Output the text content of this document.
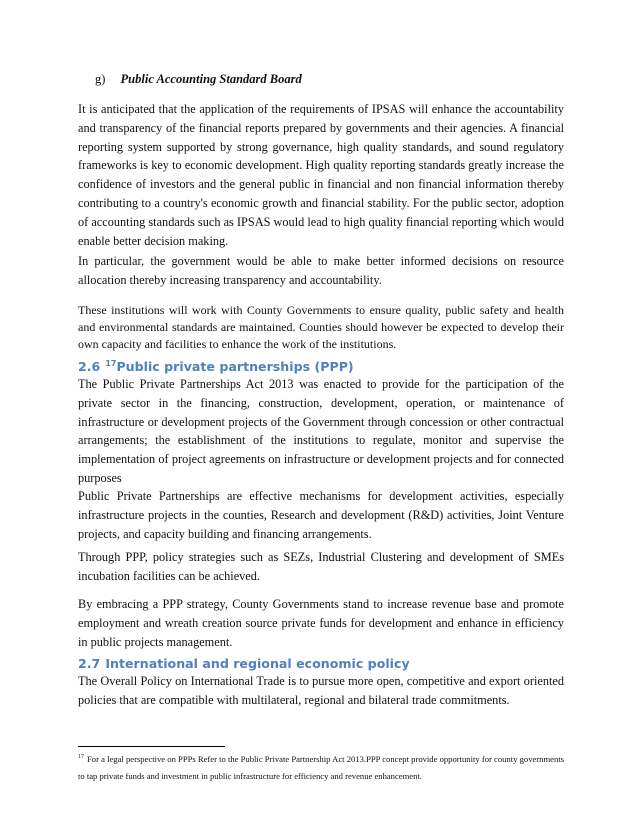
g) Public Accounting Standard Board

It is anticipated that the application of the requirements of IPSAS will enhance the accountability and transparency of the financial reports prepared by governments and their agencies. A financial reporting system supported by strong governance, high quality standards, and sound regulatory frameworks is key to economic development. High quality reporting standards greatly increase the confidence of investors and the general public in financial and non financial information thereby contributing to a country's economic growth and financial stability. For the public sector, adoption of accounting standards such as IPSAS would lead to high quality financial reporting which would enable better decision making.

In particular, the government would be able to make better informed decisions on resource allocation thereby increasing transparency and accountability.

These institutions will work with County Governments to ensure quality, public safety and health and environmental standards are maintained. Counties should however be expected to develop their own capacity and facilities to enhance the work of the institutions.

2.6 $^{17}$Public private partnerships (PPP)

The Public Private Partnerships Act 2013 was enacted to provide for the participation of the private sector in the financing, construction, development, operation, or maintenance of infrastructure or development projects of the Government through concession or other contractual arrangements; the establishment of the institutions to regulate, monitor and supervise the implementation of project agreements on infrastructure or development projects and for connected purposes

Public Private Partnerships are effective mechanisms for development activities, especially infrastructure projects in the counties, Research and development (R&D) activities, Joint Venture projects, and capacity building and financing arrangements.

Through PPP, policy strategies such as SEZs, Industrial Clustering and development of SMEs incubation facilities can be achieved.

By embracing a PPP strategy, County Governments stand to increase revenue base and promote employment and wreath creation source private funds for development and enhance in efficiency in public projects management.

2.7 International and regional economic policy

The Overall Policy on International Trade is to pursue more open, competitive and export oriented policies that are compatible with multilateral, regional and bilateral trade commitments.

$^{17}$ For a legal perspective on PPPs Refer to the Public Private Partnership Act 2013.PPP concept provide opportunity for county governments to tap private funds and investment in public infrastructure for efficiency and revenue enhancement.
